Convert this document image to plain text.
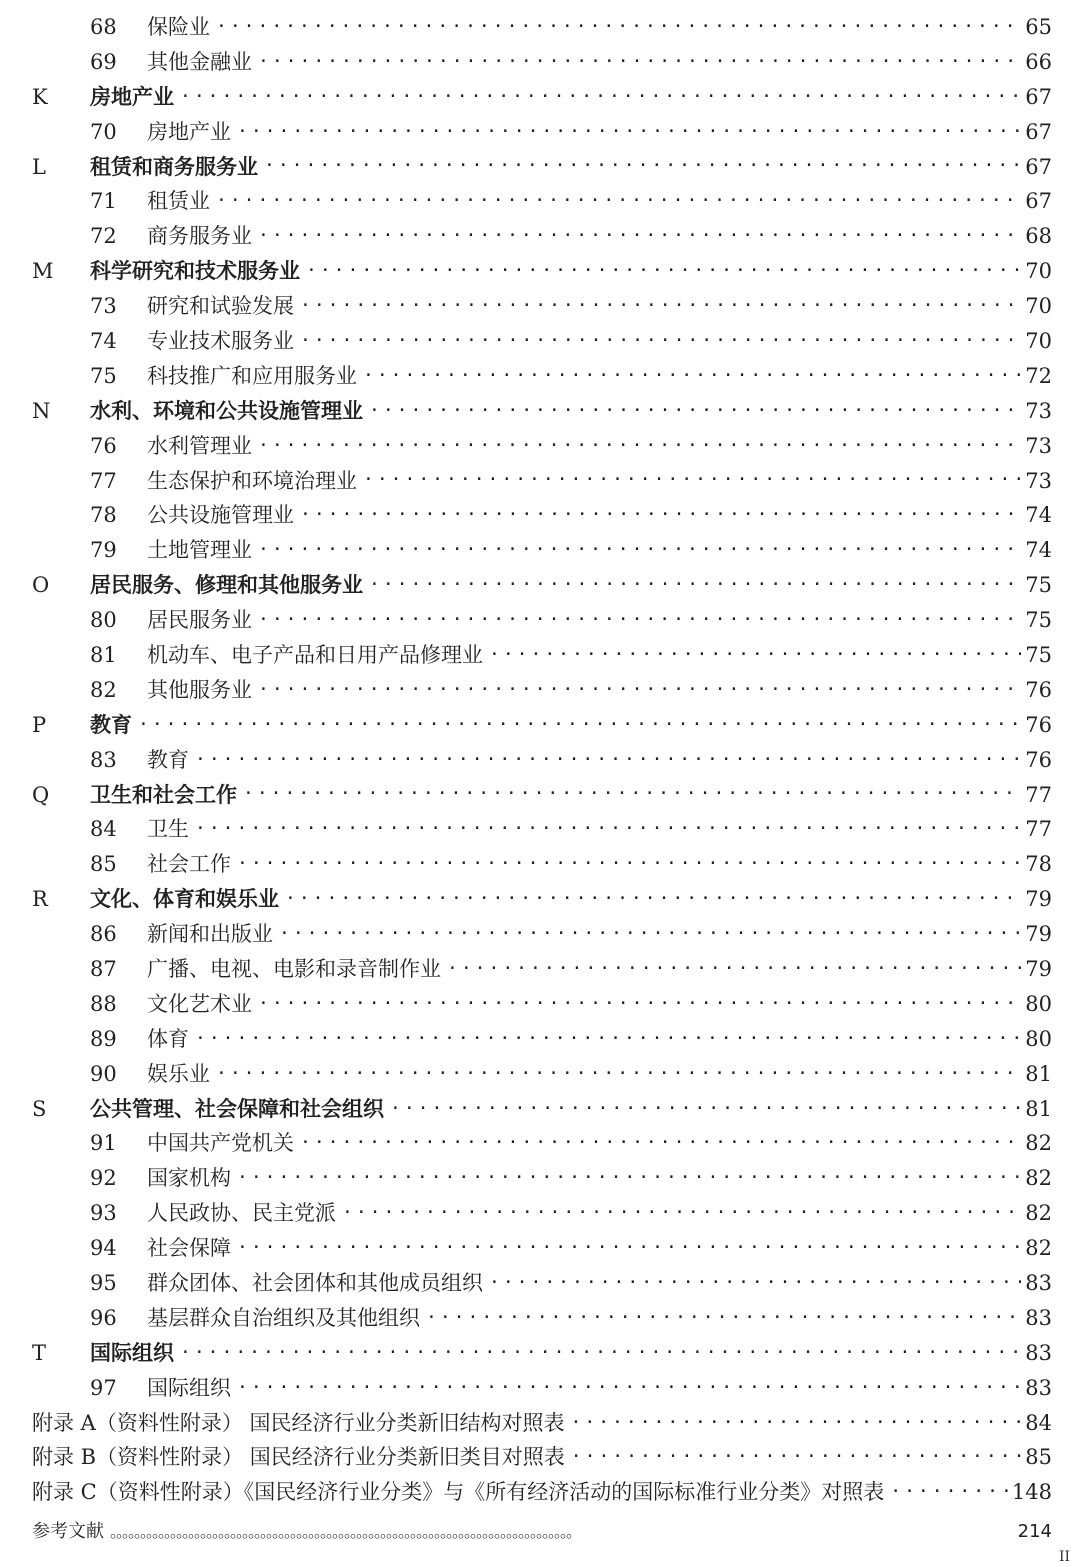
68	保险业 ·····	65
69	其他金融业 ·····	66
K	房地产业 ·····	67
70	房地产业 ·····	67
L	租赁和商务服务业 ·····	67
71	租赁业 ·····	67
72	商务服务业 ·····	68
M	科学研究和技术服务业 ·····	70
73	研究和试验发展 ·····	70
74	专业技术服务业 ·····	70
75	科技推广和应用服务业 ·····	72
N	水利、环境和公共设施管理业 ·····	73
76	水利管理业 ·····	73
77	生态保护和环境治理业 ·····	73
78	公共设施管理业 ·····	74
79	土地管理业 ·····	74
O	居民服务、修理和其他服务业 ·····	75
80	居民服务业 ·····	75
81	机动车、电子产品和日用产品修理业 ·····	75
82	其他服务业 ·····	76
P	教育 ·····	76
83	教育 ·····	76
Q	卫生和社会工作 ·····	77
84	卫生 ·····	77
85	社会工作 ·····	78
R	文化、体育和娱乐业 ·····	79
86	新闻和出版业 ·····	79
87	广播、电视、电影和录音制作业 ·····	79
88	文化艺术业 ·····	80
89	体育 ·····	80
90	娱乐业 ·····	81
S	公共管理、社会保障和社会组织 ·····	81
91	中国共产党机关 ·····	82
92	国家机构 ·····	82
93	人民政协、民主党派 ·····	82
94	社会保障 ·····	82
95	群众团体、社会团体和其他成员组织 ·····	83
96	基层群众自治组织及其他组织 ·····	83
T	国际组织 ·····	83
97	国际组织 ·····	83
附录 A（资料性附录） 国民经济行业分类新旧结构对照表 ·····	84
附录 B（资料性附录） 国民经济行业分类新旧类目对照表 ·····	85
附录 C（资料性附录）《国民经济行业分类》与《所有经济活动的国际标准行业分类》对照表 ·····	148
参考文献 。。。。。。。。。。。。。。。。。。。。。。。。。。。。。。。。。。。。。。。。。。。。。。。。。。。。。。。。。。。。。。。。。。。。。。。。。。。。。	214
II
